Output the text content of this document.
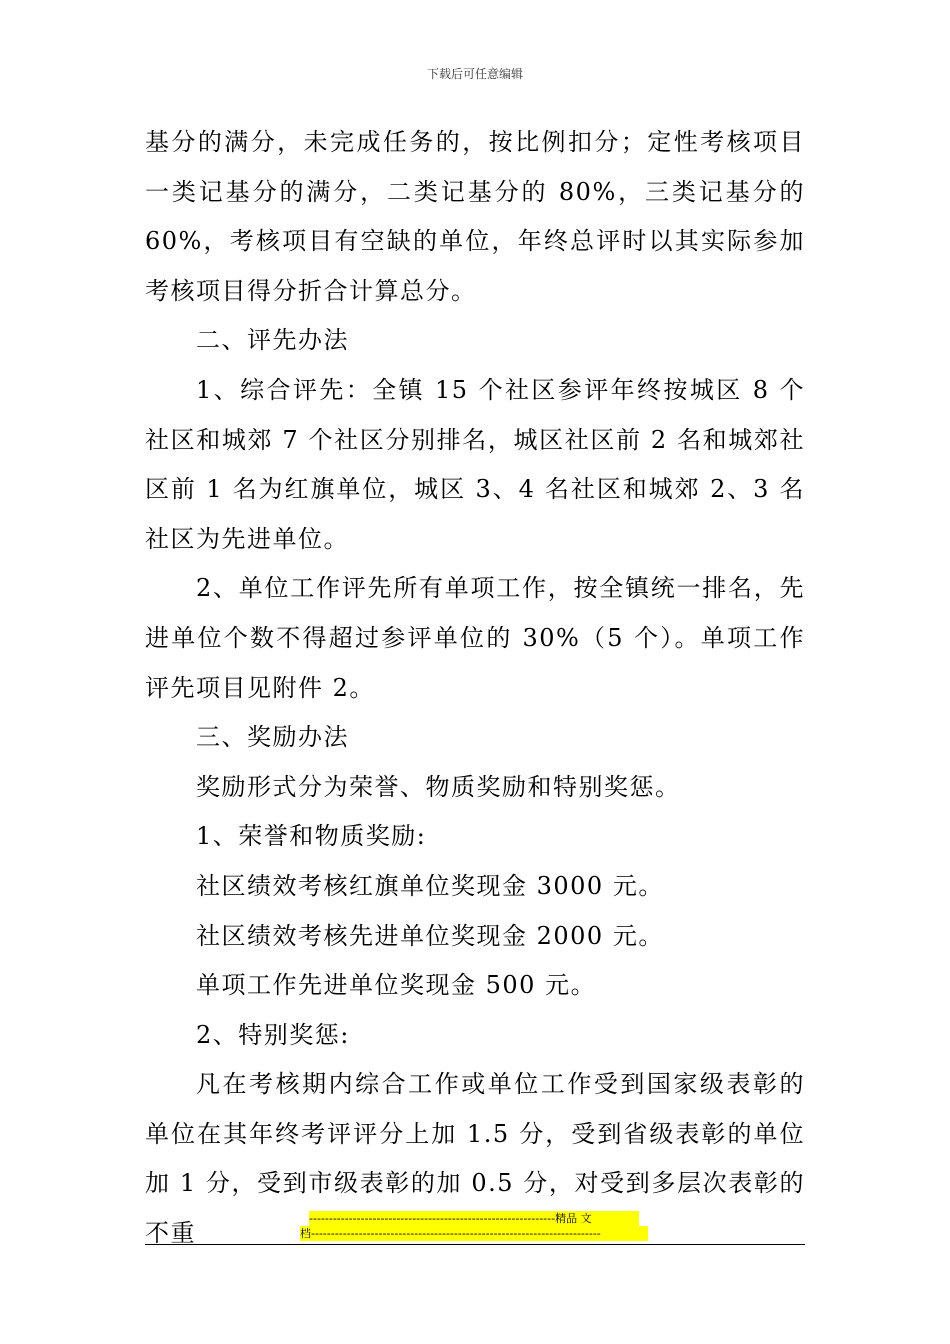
下载后可任意编辑

基分的满分，未完成任务的，按比例扣分；定性考核项目一类记基分的满分，二类记基分的 80%，三类记基分的 60%，考核项目有空缺的单位，年终总评时以其实际参加考核项目得分折合计算总分。

二、评先办法

1、综合评先：全镇 15 个社区参评年终按城区 8 个社区和城郊 7 个社区分别排名，城区社区前 2 名和城郊社区前 1 名为红旗单位，城区 3、4 名社区和城郊 2、3 名社区为先进单位。

2、单位工作评先所有单项工作，按全镇统一排名，先进单位个数不得超过参评单位的 30%（5 个）。单项工作评先项目见附件 2。

三、奖励办法

奖励形式分为荣誉、物质奖励和特别奖惩。

1、荣誉和物质奖励:

社区绩效考核红旗单位奖现金 3000 元。

社区绩效考核先进单位奖现金 2000 元。

单项工作先进单位奖现金 500 元。

2、特别奖惩:

凡在考核期内综合工作或单位工作受到国家级表彰的单位在其年终考评评分上加 1.5 分，受到省级表彰的单位加 1 分，受到市级表彰的加 0.5 分，对受到多层次表彰的不重

--------------------------------------------------------------精品 文
档-------------------------------------------------------------------------
